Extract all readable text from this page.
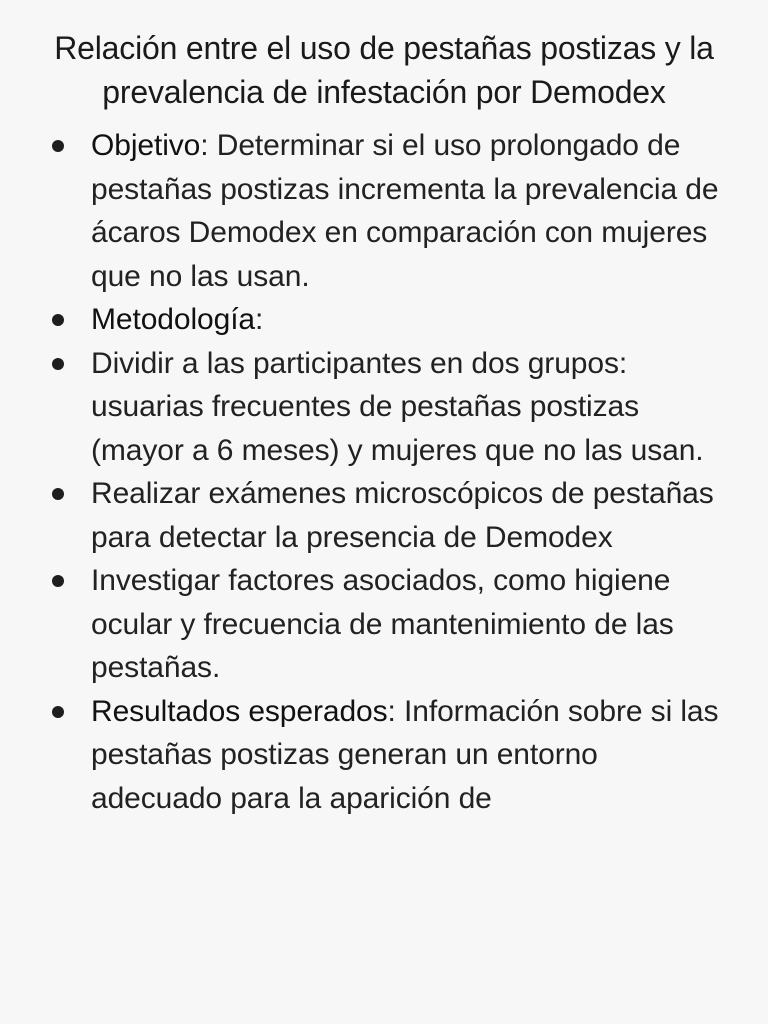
Relación entre el uso de pestañas postizas y la prevalencia de infestación por Demodex
Objetivo: Determinar si el uso prolongado de pestañas postizas incrementa la prevalencia de ácaros Demodex en comparación con mujeres que no las usan.
Metodología:
Dividir a las participantes en dos grupos: usuarias frecuentes de pestañas postizas (mayor a 6 meses) y mujeres que no las usan.
Realizar exámenes microscópicos de pestañas para detectar la presencia de Demodex
Investigar factores asociados, como higiene ocular y frecuencia de mantenimiento de las pestañas.
Resultados esperados: Información sobre si las pestañas postizas generan un entorno adecuado para la aparición de
